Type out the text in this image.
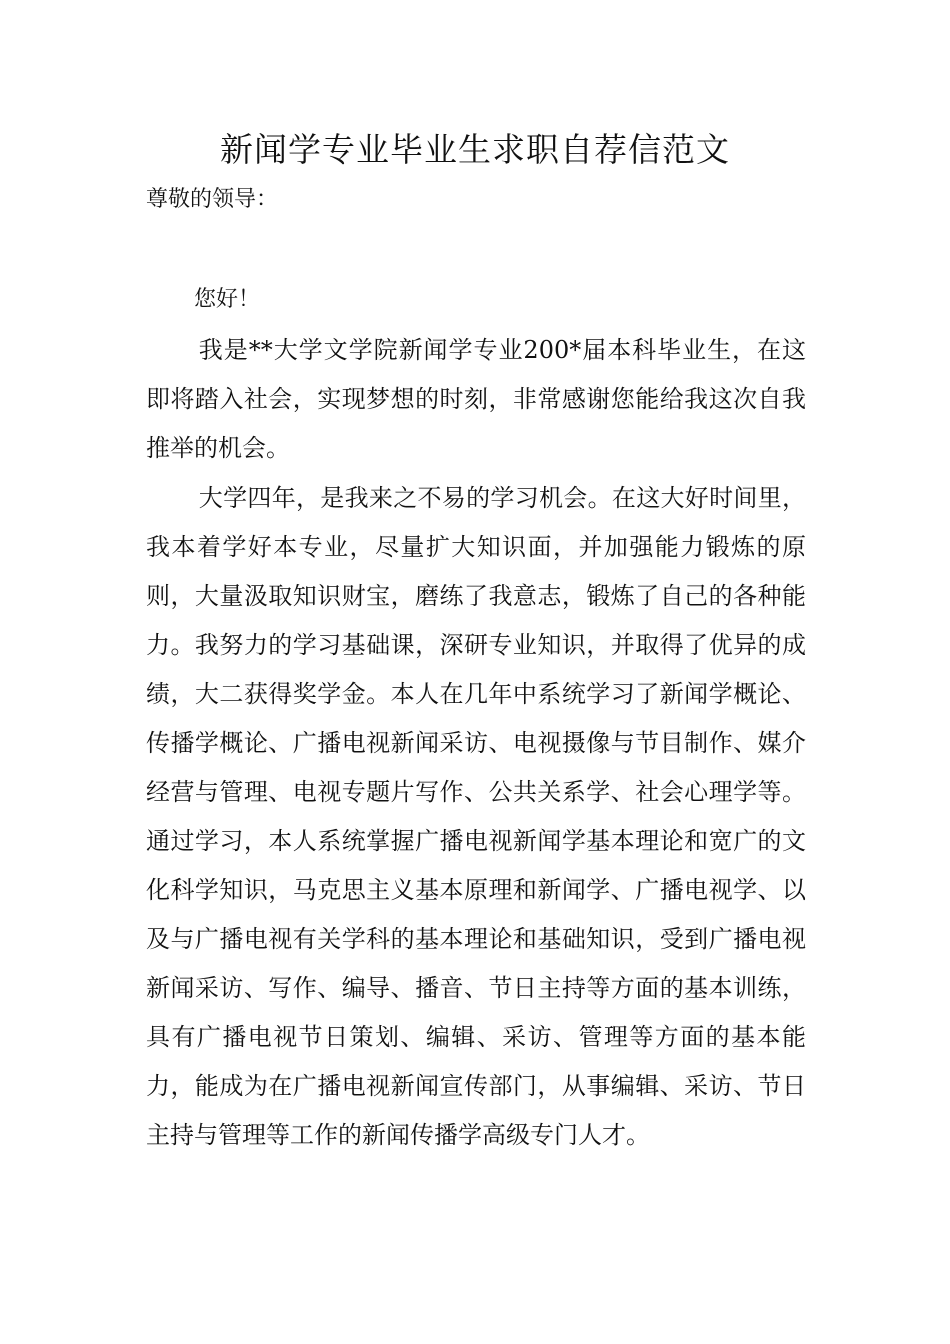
新闻学专业毕业生求职自荐信范文

尊敬的领导：

您好！

我是**大学文学院新闻学专业200*届本科毕业生，在这即将踏入社会，实现梦想的时刻，非常感谢您能给我这次自我推举的机会。

大学四年，是我来之不易的学习机会。在这大好时间里，我本着学好本专业，尽量扩大知识面，并加强能力锻炼的原则，大量汲取知识财宝，磨练了我意志，锻炼了自己的各种能力。我努力的学习基础课，深研专业知识，并取得了优异的成绩，大二获得奖学金。本人在几年中系统学习了新闻学概论、传播学概论、广播电视新闻采访、电视摄像与节目制作、媒介经营与管理、电视专题片写作、公共关系学、社会心理学等。通过学习，本人系统掌握广播电视新闻学基本理论和宽广的文化科学知识，马克思主义基本原理和新闻学、广播电视学、以及与广播电视有关学科的基本理论和基础知识，受到广播电视新闻采访、写作、编导、播音、节日主持等方面的基本训练，具有广播电视节日策划、编辑、采访、管理等方面的基本能力，能成为在广播电视新闻宣传部门，从事编辑、采访、节日主持与管理等工作的新闻传播学高级专门人才。
